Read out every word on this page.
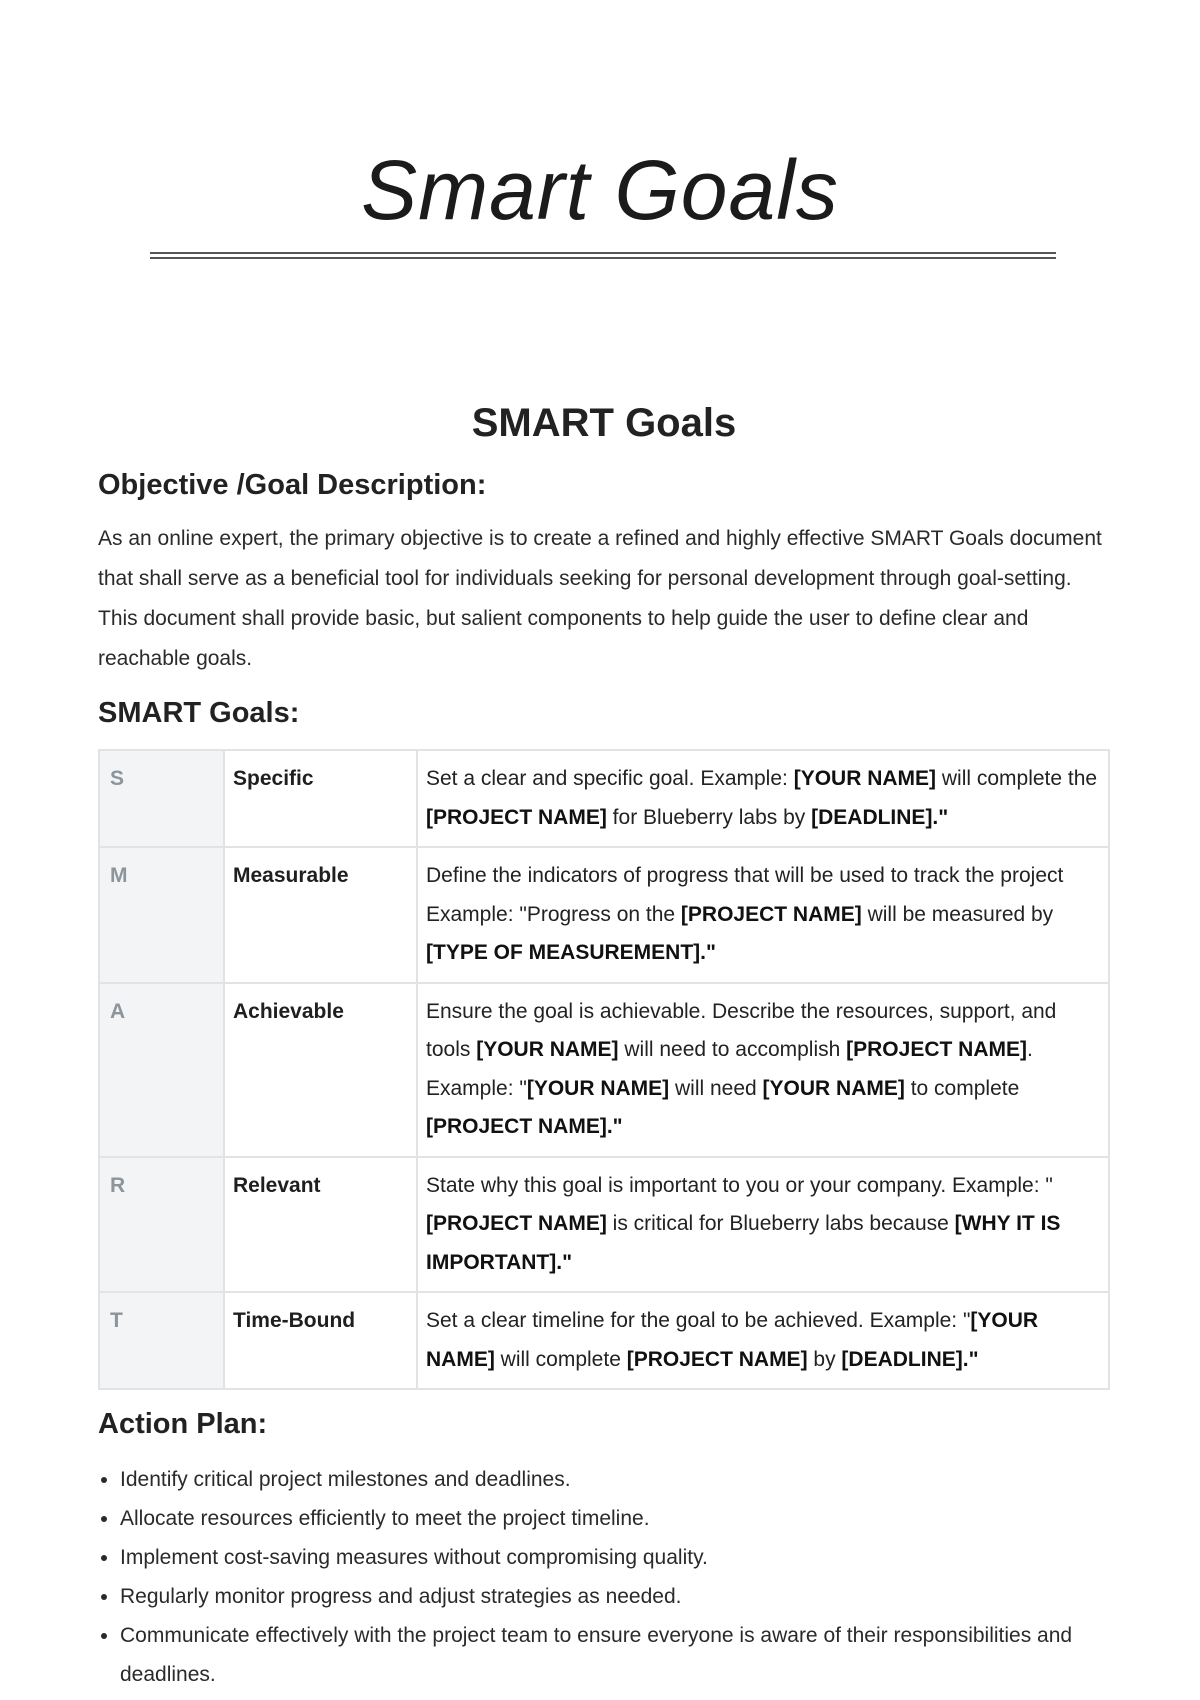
Smart Goals
SMART Goals
Objective /Goal Description:

As an online expert, the primary objective is to create a refined and highly effective SMART Goals document that shall serve as a beneficial tool for individuals seeking for personal development through goal-setting. This document shall provide basic, but salient components to help guide the user to define clear and reachable goals.

SMART Goals:
S	Specific	Set a clear and specific goal. Example: [YOUR NAME] will complete the [PROJECT NAME] for Blueberry labs by [DEADLINE]."
M	Measurable	Define the indicators of progress that will be used to track the project Example: "Progress on the [PROJECT NAME] will be measured by [TYPE OF MEASUREMENT]."
A	Achievable	Ensure the goal is achievable. Describe the resources, support, and tools [YOUR NAME] will need to accomplish [PROJECT NAME]. Example: "[YOUR NAME] will need [YOUR NAME] to complete [PROJECT NAME]."
R	Relevant	State why this goal is important to you or your company. Example: "[PROJECT NAME] is critical for Blueberry labs because [WHY IT IS IMPORTANT]."
T	Time-Bound	Set a clear timeline for the goal to be achieved. Example: "[YOUR NAME] will complete [PROJECT NAME] by [DEADLINE]."
Action Plan:
• Identify critical project milestones and deadlines.
• Allocate resources efficiently to meet the project timeline.
• Implement cost-saving measures without compromising quality.
• Regularly monitor progress and adjust strategies as needed.
• Communicate effectively with the project team to ensure everyone is aware of their responsibilities and deadlines.
